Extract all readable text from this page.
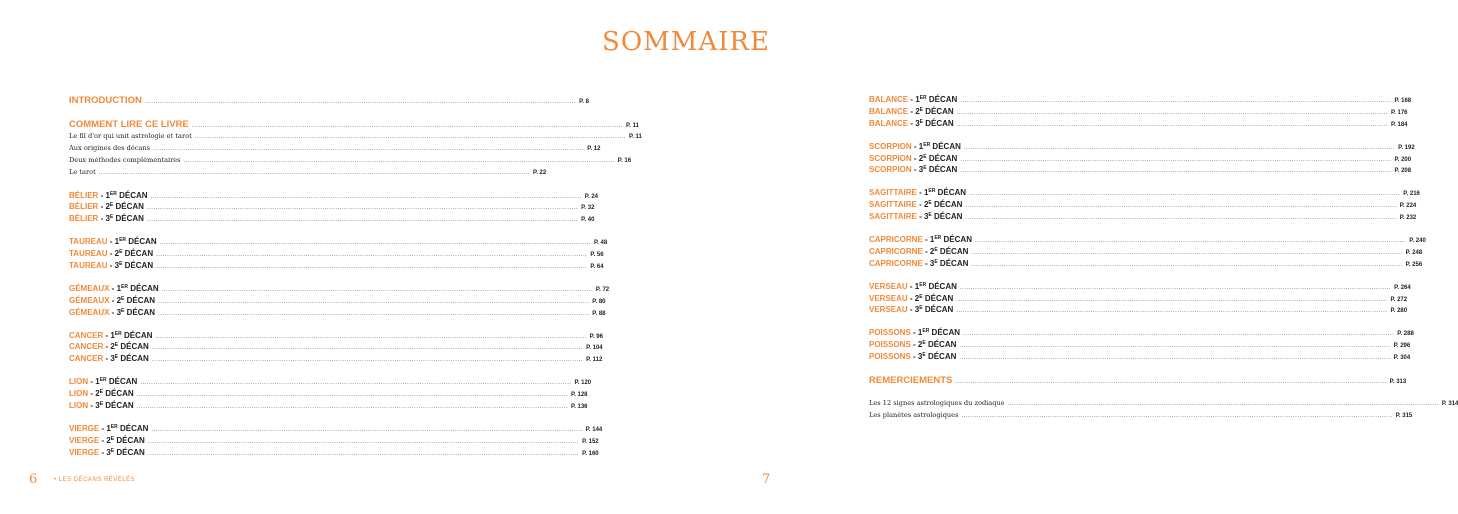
INTRODUCTION .....	P. 8
COMMENT LIRE CE LIVRE .....	P. 11
Le fil d'or qui unit astrologie et tarot .....	P. 11
Aux origines des décans .....	P. 12
Deux méthodes complémentaires .....	P. 16
Le tarot .....	P. 22
BÉLIER - 1ER DÉCAN .....	P. 24
BÉLIER - $2^E$ DÉCAN .....	P. 32
BÉLIER - $3^E$ DÉCAN .....	P. 40
TAUREAU - 1ER DÉCAN .....	P. 48
TAUREAU - $2^E$ DÉCAN .....	P. 56
TAUREAU - $3^E$ DÉCAN .....	P. 64
GÉMEAUX - 1ER DÉCAN .....	P. 72
GÉMEAUX - $2^E$ DÉCAN .....	P. 80
GÉMEAUX - $3^E$ DÉCAN .....	P. 88
CANCER - 1ER DÉCAN .....	P. 96
CANCER - $2^E$ DÉCAN .....	P. 104
CANCER - $3^E$ DÉCAN .....	P. 112
LION - 1ER DÉCAN .....	P. 120
LION - $2^E$ DÉCAN .....	P. 128
LION - $3^E$ DÉCAN .....	P. 136
VIERGE - 1ER DÉCAN .....	P. 144
VIERGE - $2^E$ DÉCAN .....	P. 152
VIERGE - $3^E$ DÉCAN .....	P. 160
SOMMAIRE
BALANCE - 1ER DÉCAN .....	P. 168
BALANCE - $2^E$ DÉCAN .....	P. 176
BALANCE - $3^E$ DÉCAN .....	P. 184
SCORPION - 1ER DÉCAN .....	P. 192
SCORPION - $2^E$ DÉCAN .....	P. 200
SCORPION - $3^E$ DÉCAN .....	P. 208
SAGITTAIRE - 1ER DÉCAN .....	P. 216
SAGITTAIRE - $2^E$ DÉCAN .....	P. 224
SAGITTAIRE - $3^E$ DÉCAN .....	P. 232
CAPRICORNE - 1ER DÉCAN .....	P. 240
CAPRICORNE - $2^E$ DÉCAN .....	P. 248
CAPRICORNE - $3^E$ DÉCAN .....	P. 256
VERSEAU - 1ER DÉCAN .....	P. 264
VERSEAU - $2^E$ DÉCAN .....	P. 272
VERSEAU - $3^E$ DÉCAN .....	P. 280
POISSONS - 1ER DÉCAN .....	P. 288
POISSONS - $2^E$ DÉCAN .....	P. 296
POISSONS - $3^E$ DÉCAN .....	P. 304
REMERCIEMENTS .....	P. 313
Les 12 signes astrologiques du zodiaque .....	P. 314
Les planètes astrologiques .....	P. 315
6	• LES DÉCANS RÉVÉLÉS	7
